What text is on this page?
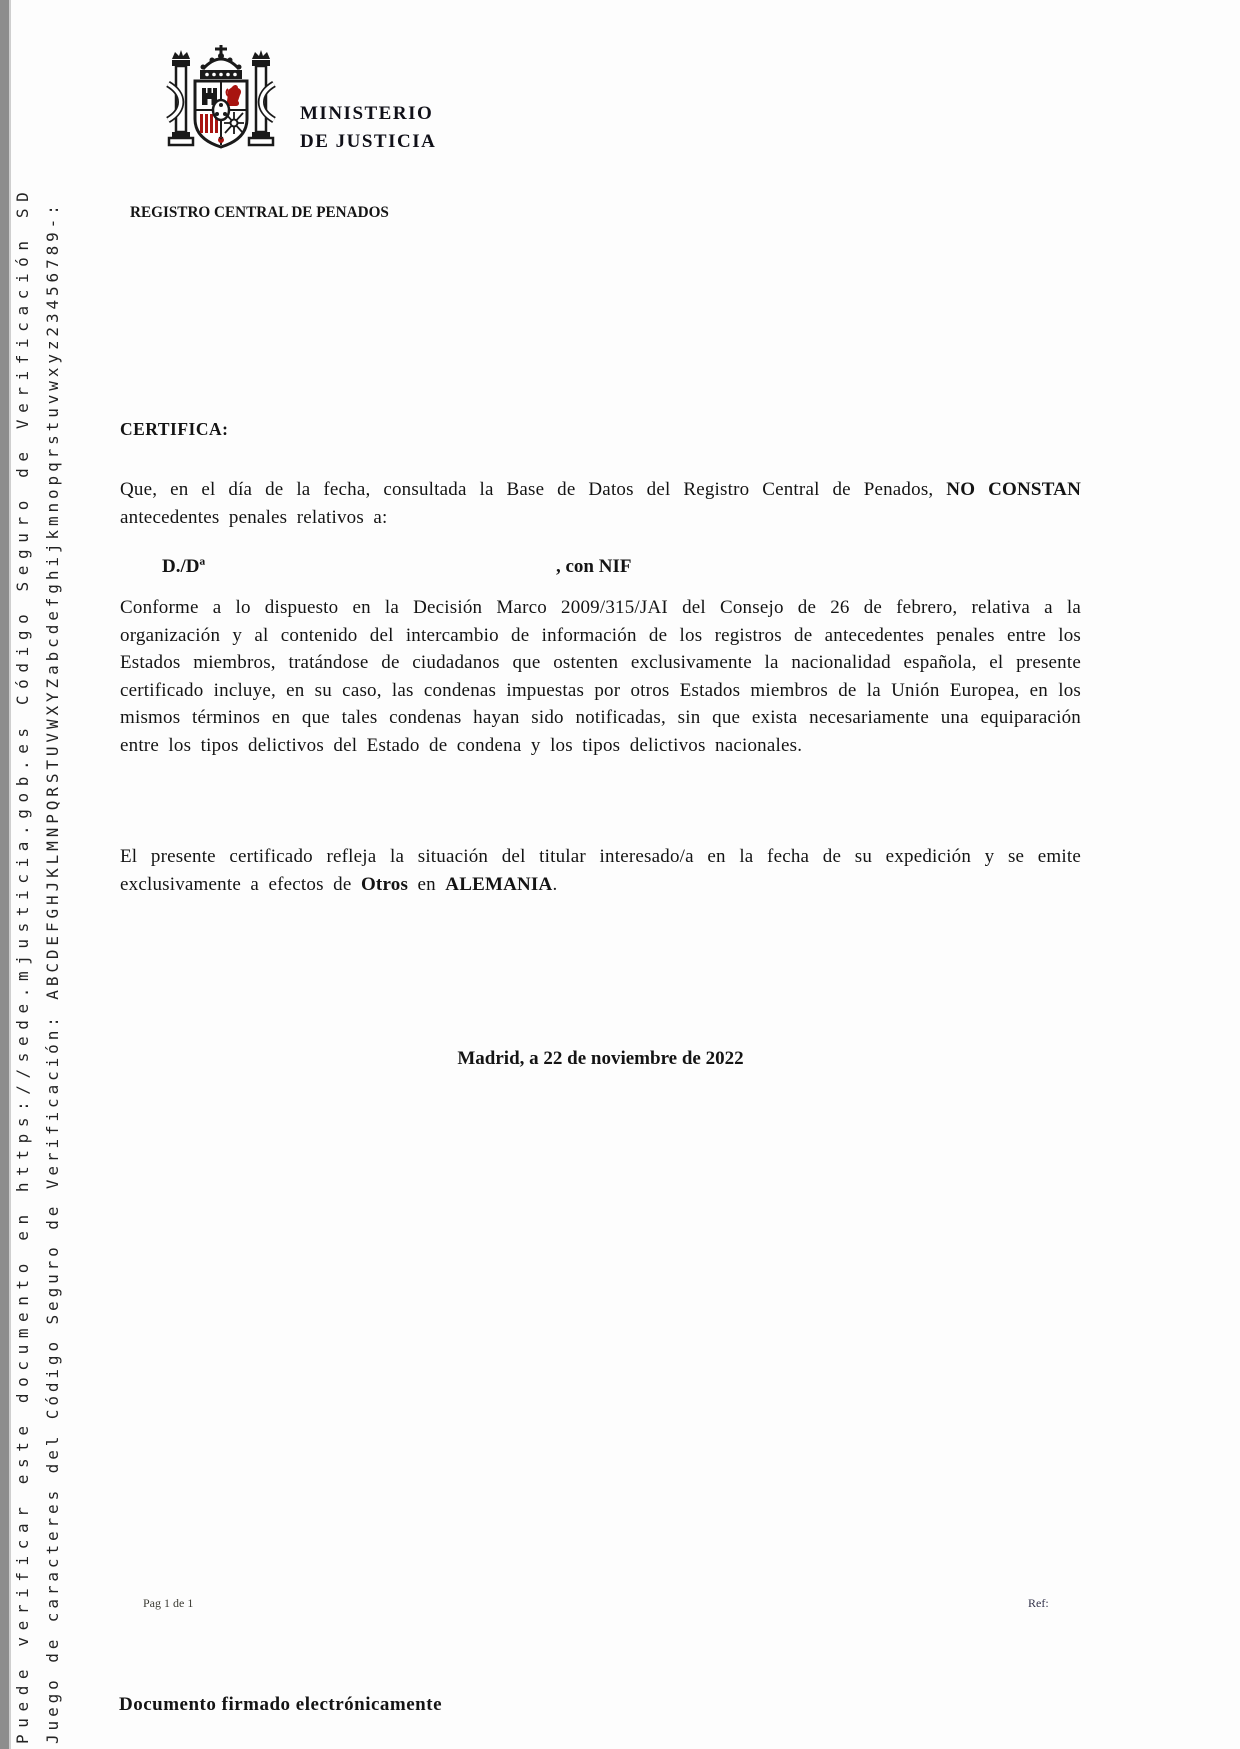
Puede verificar este documento en https://sede.mjusticia.gob.es Código Seguro de Verificación SD Juego de caracteres del Código Seguro de Verificación: ABCDEFGHJKLMNPQRSTUVWXYZabcdefghijkmnopqrstuvwxyz23456789-:
MINISTERIO
DE JUSTICIA
REGISTRO CENTRAL DE PENADOS
CERTIFICA:

Que, en el día de la fecha, consultada la Base de Datos del Registro Central de Penados, NO CONSTAN antecedentes penales relativos a:

D./Dª	, con NIF

Conforme a lo dispuesto en la Decisión Marco 2009/315/JAI del Consejo de 26 de febrero, relativa a la organización y al contenido del intercambio de información de los registros de antecedentes penales entre los Estados miembros, tratándose de ciudadanos que ostenten exclusivamente la nacionalidad española, el presente certificado incluye, en su caso, las condenas impuestas por otros Estados miembros de la Unión Europea, en los mismos términos en que tales condenas hayan sido notificadas, sin que exista necesariamente una equiparación entre los tipos delictivos del Estado de condena y los tipos delictivos nacionales.

El presente certificado refleja la situación del titular interesado/a en la fecha de su expedición y se emite exclusivamente a efectos de Otros en ALEMANIA.

Madrid, a 22 de noviembre de 2022
Pag 1 de 1	Ref:
Documento firmado electrónicamente
